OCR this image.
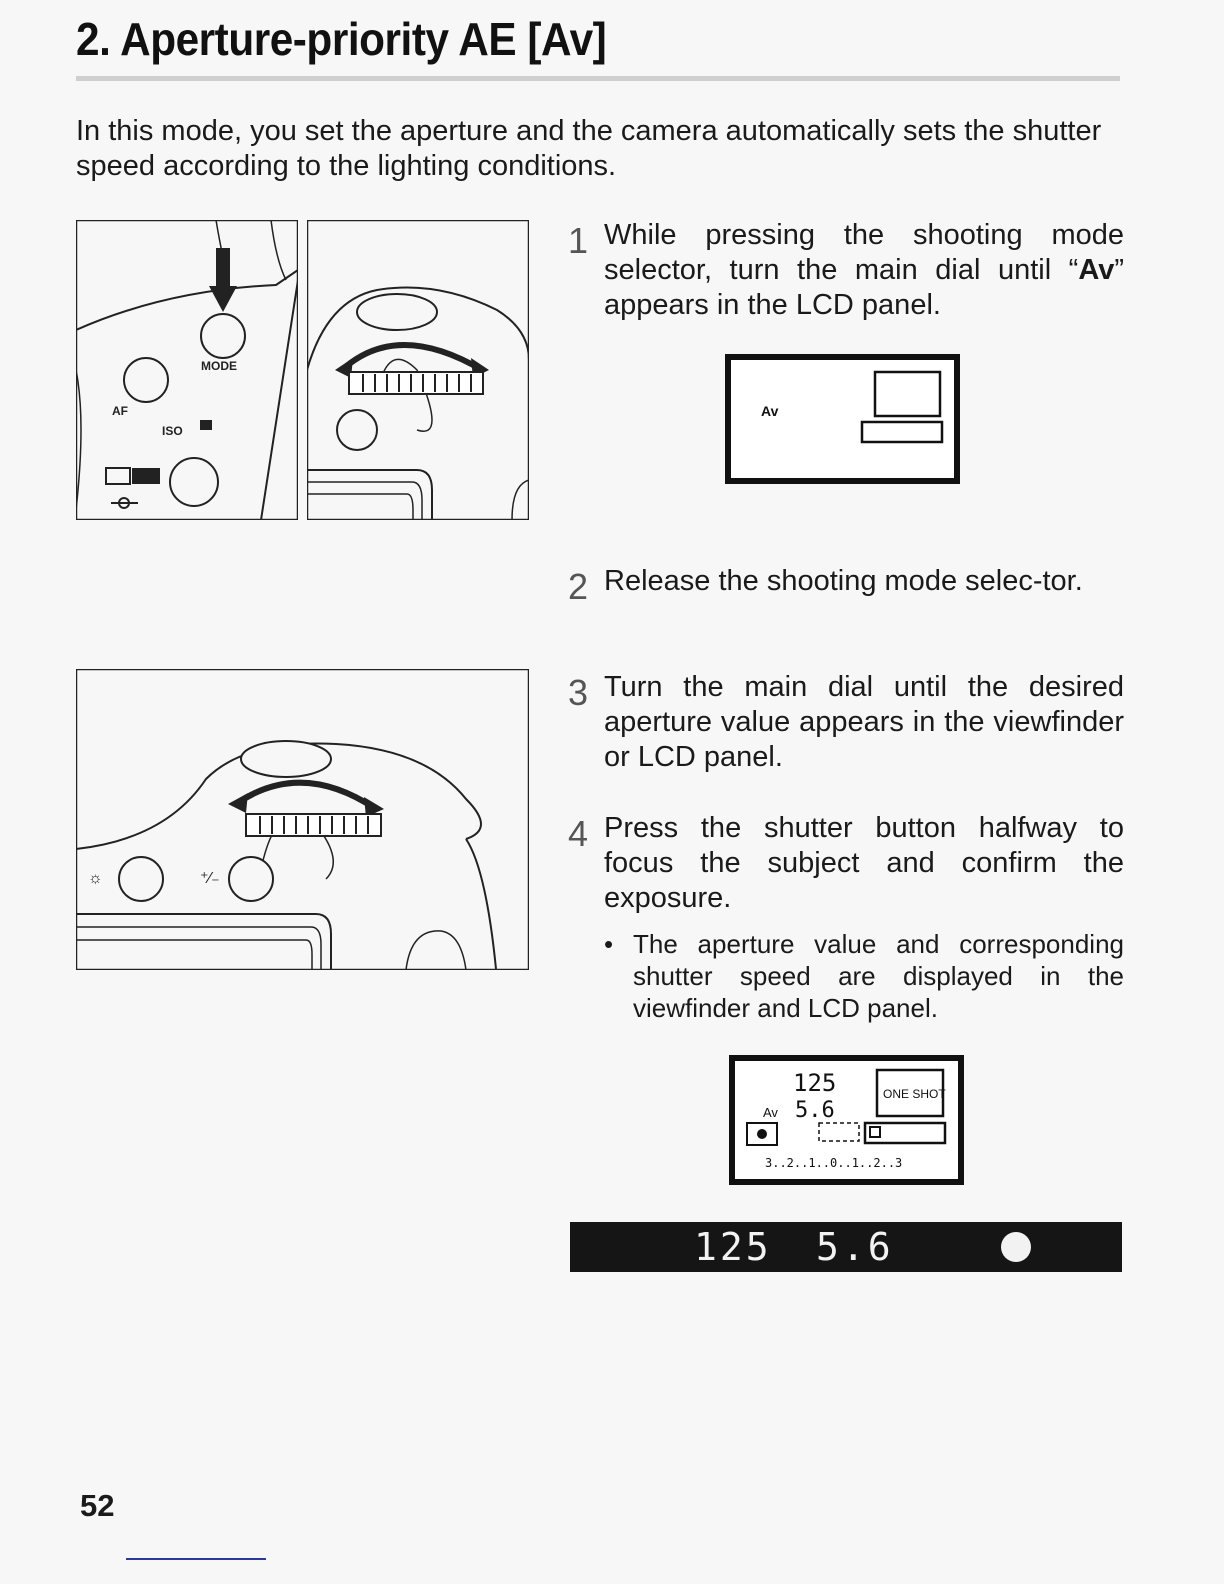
2. Aperture-priority AE [Av]
In this mode, you set the aperture and the camera automatically sets the shutter speed according to the lighting conditions.
MODE
AF
ISO
☼	⁺∕₋
1 While pressing the shooting mode selector, turn the main dial until “Av” appears in the LCD panel.
Av
2 Release the shooting mode selec-tor.
3 Turn the main dial until the desired aperture value appears in the viewfinder or LCD panel.
4 Press the shutter button halfway to focus the subject and confirm the exposure.
• The aperture value and corresponding shutter speed are displayed in the viewfinder and LCD panel.
125
Av 5.6
ONE SHOT
3..2..1..0..1..2..3
125 5.6
52
